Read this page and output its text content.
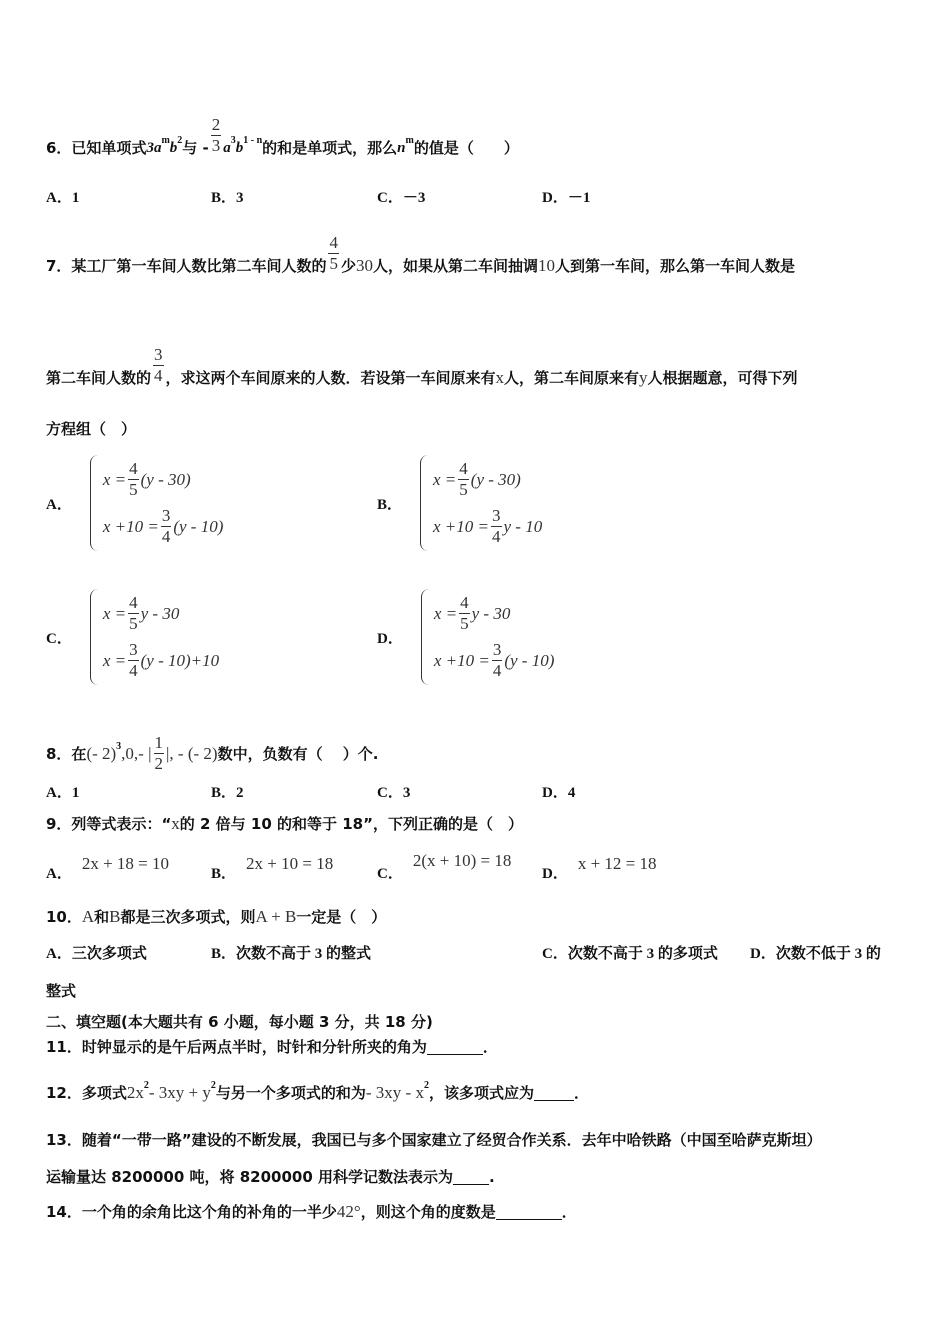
6．已知单项式 3a m b 2 与 - $\frac{2}{3}$ a 3 b 1 - n 的和是单项式，那么 n m 的值是（　　）
A．1	B．3	C．－3	D．－1
7．某工厂第一车间人数比第二车间人数的 $\frac{4}{5}$ 少 30 人，如果从第二车间抽调 10 人到第一车间，那么第一车间人数是
第二车间人数的 $\frac{3}{4}$ ，求这两个车间原来的人数．若设第一车间原来有 x 人，第二车间原来有 y 人根据题意，可得下列
方程组（　）
A．
$x = \frac{4}{5} (y - 30)$
$x +10 = \frac{3}{4} (y - 10)$
B．
$x = \frac{4}{5} (y - 30)$
$x +10 = \frac{3}{4}$ y - 10
C．
$x = \frac{4}{5}$ y - 30
$x = \frac{3}{4} (y - 10)+10$
D．
$x = \frac{4}{5}$ y - 30
$x +10 = \frac{3}{4} (y - 10)$
8．在 (- 2) 3 ,0,- | $\frac{1}{2}$ |, - (- 2) 数中，负数有（　 ）个.
A．1	B．2	C．3	D．4
9．列等式表示：“ x 的 2 倍与 10 的和等于 18”，下列正确的是（　）
A．2x + 18 = 10
B．2x + 10 = 18
C．2(x + 10) = 18
D．x + 12 = 18
10． A 和 B 都是三次多项式，则 A + B 一定是（　）
A．三次多项式	B．次数不高于 3 的整式	C．次数不高于 3 的多项式 D．次数不低于 3 的
整式
二、填空题(本大题共有 6 小题，每小题 3 分，共 18 分)
11．时钟显示的是午后两点半时，时针和分针所夹的角为	．
12．多项式 2x 2 - 3xy + y 2 与另一个多项式的和为 - 3xy - x 2 ，该多项式应为	．
13．随着“一带一路”建设的不断发展，我国已与多个国家建立了经贸合作关系．去年中哈铁路（中国至哈萨克斯坦）
运输量达 8200000 吨，将 8200000 用科学记数法表示为 .
14．一个角的余角比这个角的补角的一半少 42° ，则这个角的度数是	．
